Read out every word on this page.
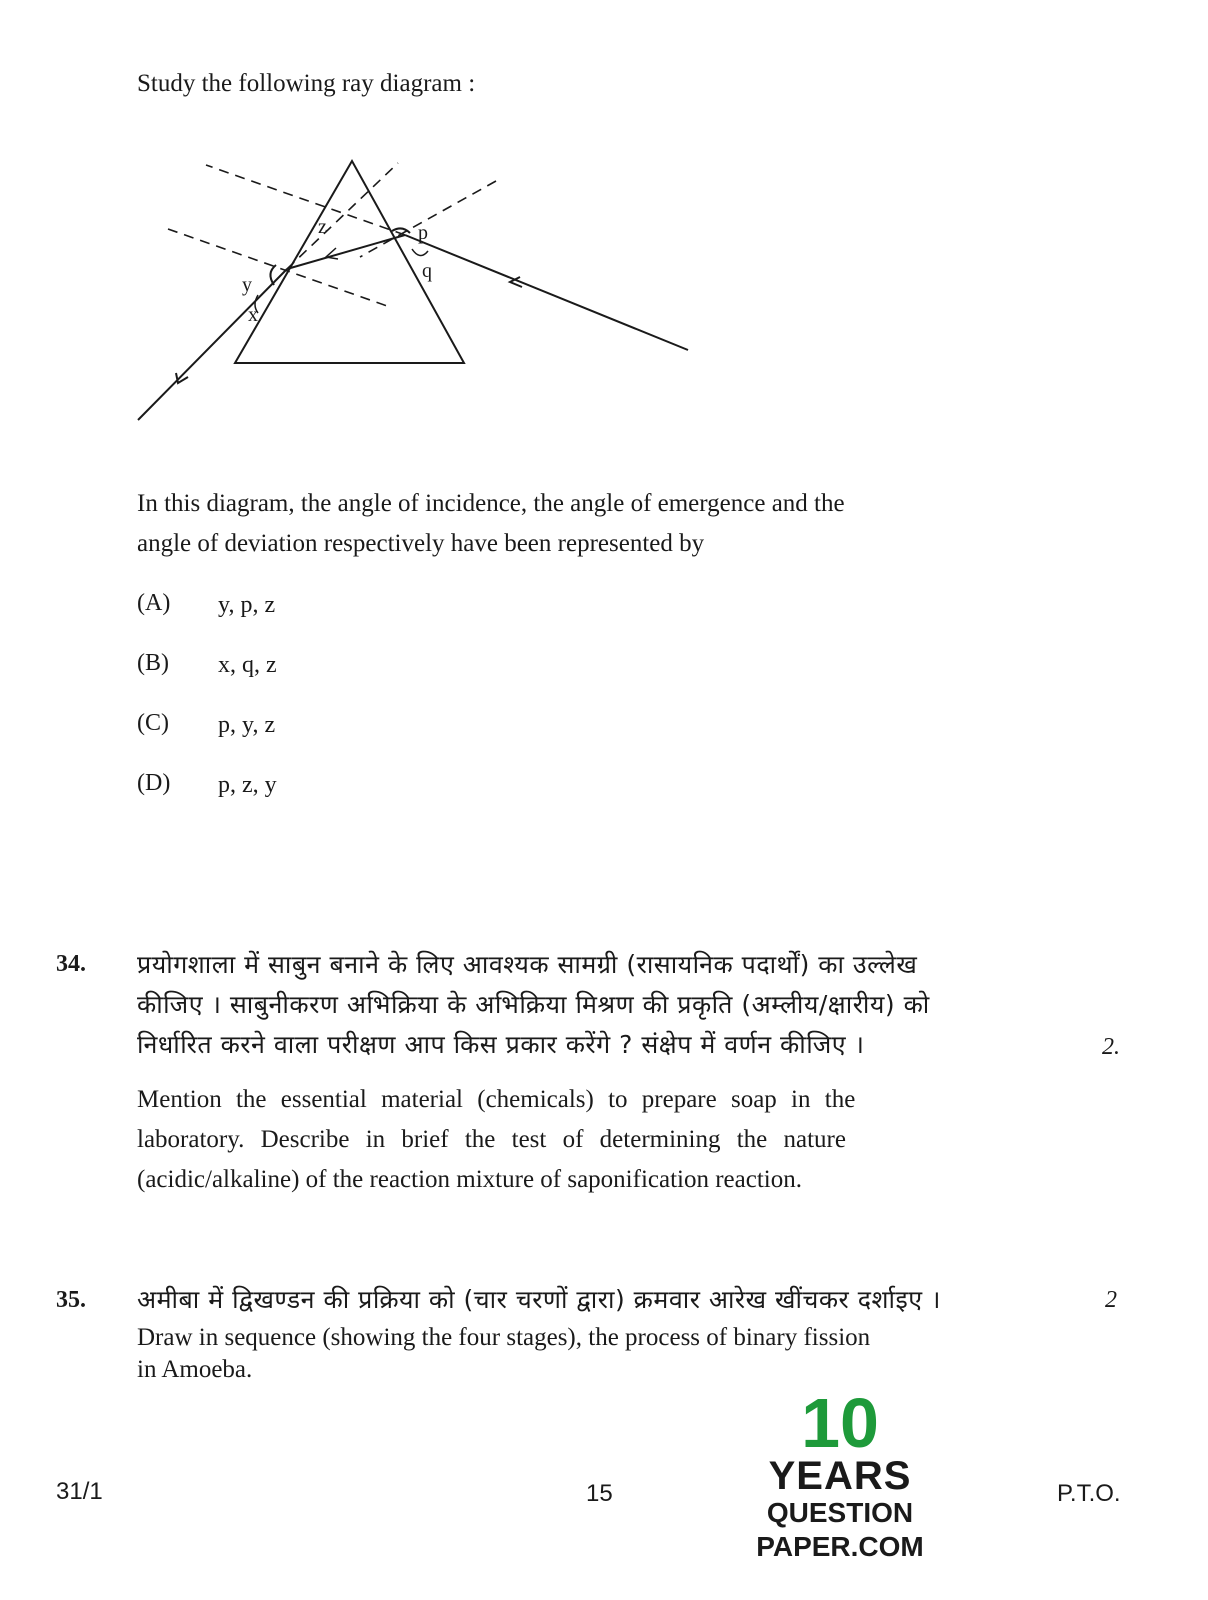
Study the following ray diagram :
p
q
y
x
z
In this diagram, the angle of incidence, the angle of emergence and the
angle of deviation respectively have been represented by
(A) y, p, z
(B) x, q, z
(C) p, y, z
(D) p, z, y
34. प्रयोगशाला में साबुन बनाने के लिए आवश्यक सामग्री (रासायनिक पदार्थों) का उल्लेख
कीजिए । साबुनीकरण अभिक्रिया के अभिक्रिया मिश्रण की प्रकृति (अम्लीय/क्षारीय) को
निर्धारित करने वाला परीक्षण आप किस प्रकार करेंगे ? संक्षेप में वर्णन कीजिए ।	2.
Mention the essential material (chemicals) to prepare soap in the
laboratory. Describe in brief the test of determining the nature
(acidic/alkaline) of the reaction mixture of saponification reaction.
35. अमीबा में द्विखण्डन की प्रक्रिया को (चार चरणों द्वारा) क्रमवार आरेख खींचकर दर्शाइए ।	2
Draw in sequence (showing the four stages), the process of binary fission
in Amoeba.
31/1	15	P.T.O.
10
YEARS
QUESTION PAPER.COM
